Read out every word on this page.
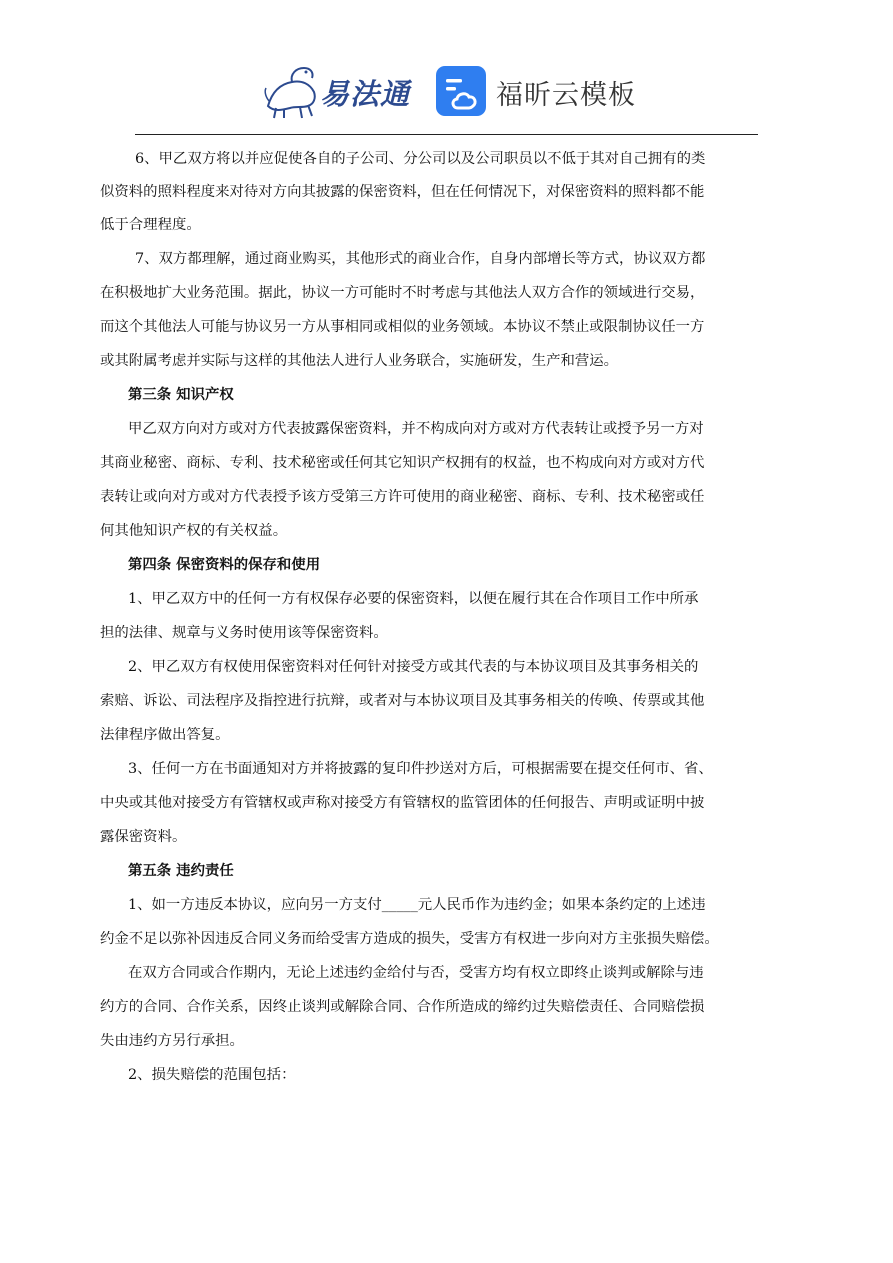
易法通	福昕云模板
6、甲乙双方将以并应促使各自的子公司、分公司以及公司职员以不低于其对自己拥有的类
似资料的照料程度来对待对方向其披露的保密资料，但在任何情况下，对保密资料的照料都不能
低于合理程度。
7、双方都理解，通过商业购买，其他形式的商业合作，自身内部增长等方式，协议双方都
在积极地扩大业务范围。据此，协议一方可能时不时考虑与其他法人双方合作的领域进行交易，
而这个其他法人可能与协议另一方从事相同或相似的业务领域。本协议不禁止或限制协议任一方
或其附属考虑并实际与这样的其他法人进行人业务联合，实施研发，生产和营运。
第三条 知识产权
甲乙双方向对方或对方代表披露保密资料，并不构成向对方或对方代表转让或授予另一方对
其商业秘密、商标、专利、技术秘密或任何其它知识产权拥有的权益，也不构成向对方或对方代
表转让或向对方或对方代表授予该方受第三方许可使用的商业秘密、商标、专利、技术秘密或任
何其他知识产权的有关权益。
第四条 保密资料的保存和使用
1、甲乙双方中的任何一方有权保存必要的保密资料，以便在履行其在合作项目工作中所承
担的法律、规章与义务时使用该等保密资料。
2、甲乙双方有权使用保密资料对任何针对接受方或其代表的与本协议项目及其事务相关的
索赔、诉讼、司法程序及指控进行抗辩，或者对与本协议项目及其事务相关的传唤、传票或其他
法律程序做出答复。
3、任何一方在书面通知对方并将披露的复印件抄送对方后，可根据需要在提交任何市、省、
中央或其他对接受方有管辖权或声称对接受方有管辖权的监管团体的任何报告、声明或证明中披
露保密资料。
第五条 违约责任
1、如一方违反本协议，应向另一方支付_____元人民币作为违约金；如果本条约定的上述违
约金不足以弥补因违反合同义务而给受害方造成的损失，受害方有权进一步向对方主张损失赔偿。
在双方合同或合作期内，无论上述违约金给付与否，受害方均有权立即终止谈判或解除与违
约方的合同、合作关系，因终止谈判或解除合同、合作所造成的缔约过失赔偿责任、合同赔偿损
失由违约方另行承担。
2、损失赔偿的范围包括：
